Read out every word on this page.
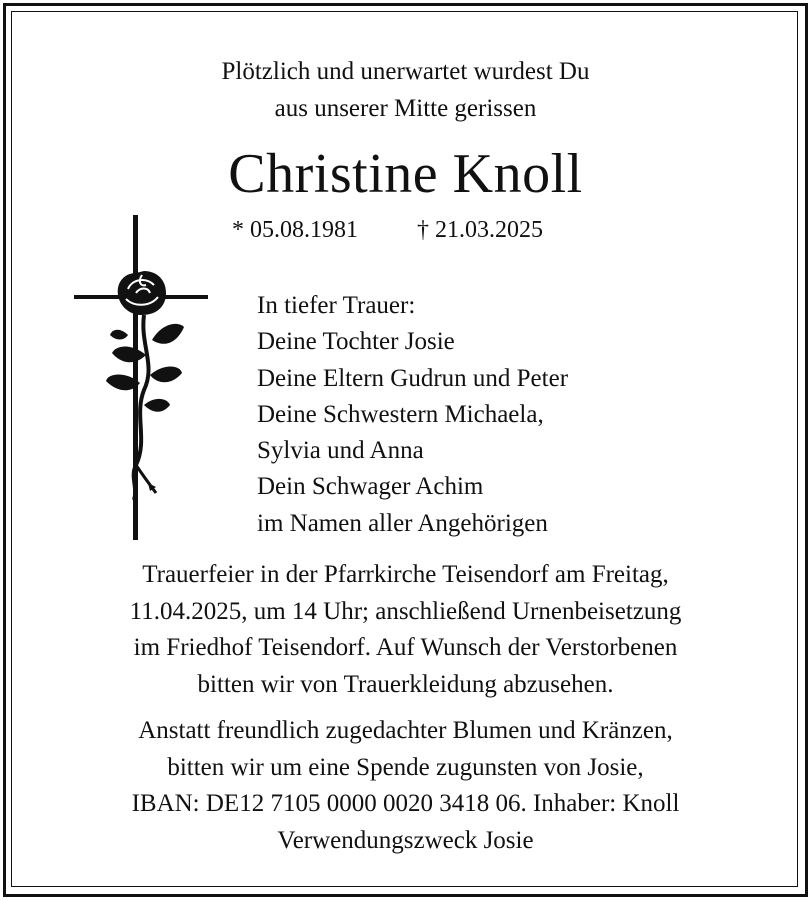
Plötzlich und unerwartet wurdest Du
aus unserer Mitte gerissen
Christine Knoll
* 05.08.1981 † 21.03.2025
In tiefer Trauer:
Deine Tochter Josie
Deine Eltern Gudrun und Peter
Deine Schwestern Michaela,
Sylvia und Anna
Dein Schwager Achim
im Namen aller Angehörigen
Trauerfeier in der Pfarrkirche Teisendorf am Freitag,
11.04.2025, um 14 Uhr; anschließend Urnenbeisetzung
im Friedhof Teisendorf. Auf Wunsch der Verstorbenen
bitten wir von Trauerkleidung abzusehen.
Anstatt freundlich zugedachter Blumen und Kränzen,
bitten wir um eine Spende zugunsten von Josie,
IBAN: DE12 7105 0000 0020 3418 06. Inhaber: Knoll
Verwendungszweck Josie
